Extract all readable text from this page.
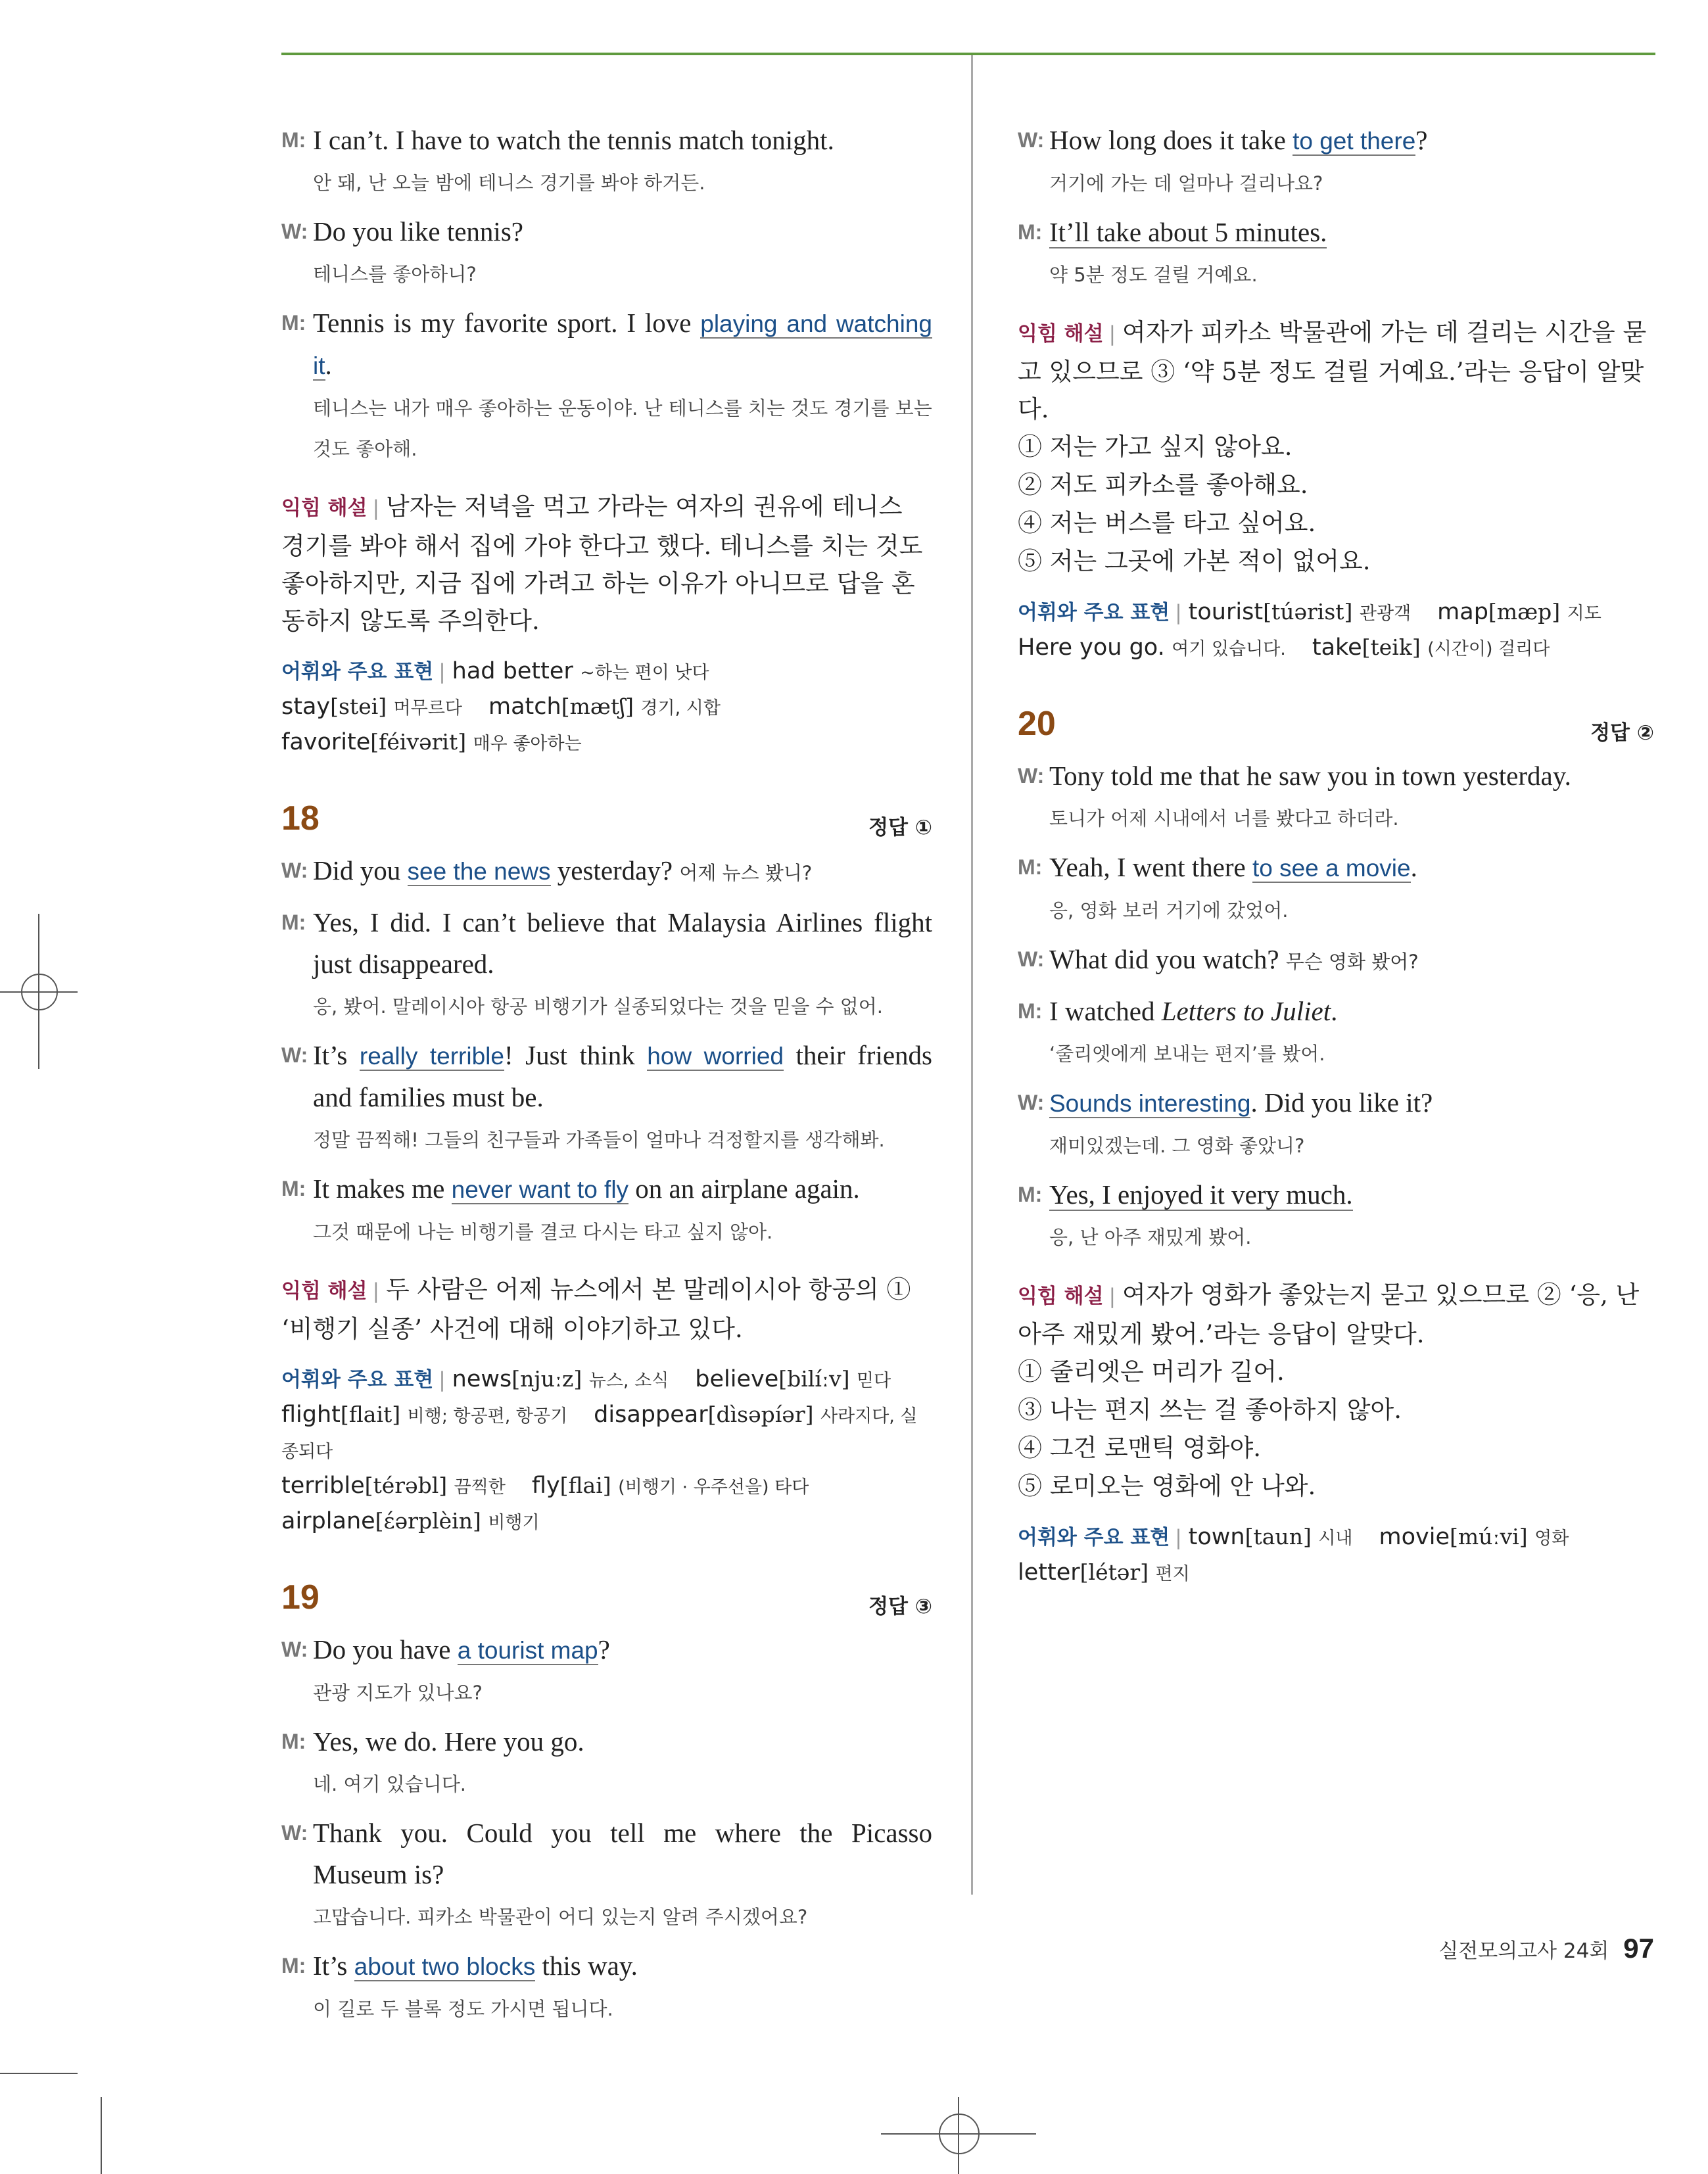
M: I can’t. I have to watch the tennis match tonight.
안 돼, 난 오늘 밤에 테니스 경기를 봐야 하거든.
W: Do you like tennis?
테니스를 좋아하니?
M: Tennis is my favorite sport. I love playing and watching it.
테니스는 내가 매우 좋아하는 운동이야. 난 테니스를 치는 것도 경기를 보는 것도 좋아해.
익힘 해설 | 남자는 저녁을 먹고 가라는 여자의 권유에 테니스 경기를 봐야 해서 집에 가야 한다고 했다. 테니스를 치는 것도 좋아하지만, 지금 집에 가려고 하는 이유가 아니므로 답을 혼동하지 않도록 주의한다.
어휘와 주요 표현 | had better ~하는 편이 낫다
stay[stei] 머무르다 match[mætʃ] 경기, 시합
favorite[féivərit] 매우 좋아하는
18	정답 ①
W: Did you see the news yesterday? 어제 뉴스 봤니?
M: Yes, I did. I can’t believe that Malaysia Airlines flight just disappeared.
응, 봤어. 말레이시아 항공 비행기가 실종되었다는 것을 믿을 수 없어.
W: It’s really terrible! Just think how worried their friends and families must be.
정말 끔찍해! 그들의 친구들과 가족들이 얼마나 걱정할지를 생각해봐.
M: It makes me never want to fly on an airplane again.
그것 때문에 나는 비행기를 결코 다시는 타고 싶지 않아.
익힘 해설 | 두 사람은 어제 뉴스에서 본 말레이시아 항공의 ① ‘비행기 실종’ 사건에 대해 이야기하고 있다.
어휘와 주요 표현 | news[njuːz] 뉴스, 소식 believe[bilíːv] 믿다
flight[flait] 비행; 항공편, 항공기 disappear[dìsəpíər] 사라지다, 실종되다
terrible[térəbl] 끔찍한 fly[flai] (비행기 · 우주선을) 타다
airplane[έərplèin] 비행기
19	정답 ③
W: Do you have a tourist map?
관광 지도가 있나요?
M: Yes, we do. Here you go.
네. 여기 있습니다.
W: Thank you. Could you tell me where the Picasso Museum is?
고맙습니다. 피카소 박물관이 어디 있는지 알려 주시겠어요?
M: It’s about two blocks this way.
이 길로 두 블록 정도 가시면 됩니다.
W: How long does it take to get there?
거기에 가는 데 얼마나 걸리나요?
M: It’ll take about 5 minutes.
약 5분 정도 걸릴 거예요.
익힘 해설 | 여자가 피카소 박물관에 가는 데 걸리는 시간을 묻고 있으므로 ③ ‘약 5분 정도 걸릴 거예요.’라는 응답이 알맞다.
① 저는 가고 싶지 않아요.
② 저도 피카소를 좋아해요.
④ 저는 버스를 타고 싶어요.
⑤ 저는 그곳에 가본 적이 없어요.
어휘와 주요 표현 | tourist[túərist] 관광객 map[mæp] 지도
Here you go. 여기 있습니다. take[teik] (시간이) 걸리다
20	정답 ②
W: Tony told me that he saw you in town yesterday.
토니가 어제 시내에서 너를 봤다고 하더라.
M: Yeah, I went there to see a movie.
응, 영화 보러 거기에 갔었어.
W: What did you watch? 무슨 영화 봤어?
M: I watched Letters to Juliet.
‘줄리엣에게 보내는 편지’를 봤어.
W: Sounds interesting. Did you like it?
재미있겠는데. 그 영화 좋았니?
M: Yes, I enjoyed it very much.
응, 난 아주 재밌게 봤어.
익힘 해설 | 여자가 영화가 좋았는지 묻고 있으므로 ② ‘응, 난 아주 재밌게 봤어.’라는 응답이 알맞다.
① 줄리엣은 머리가 길어.
③ 나는 편지 쓰는 걸 좋아하지 않아.
④ 그건 로맨틱 영화야.
⑤ 로미오는 영화에 안 나와.
어휘와 주요 표현 | town[taun] 시내 movie[múːvi] 영화
letter[létər] 편지
실전모의고사 24회 97
